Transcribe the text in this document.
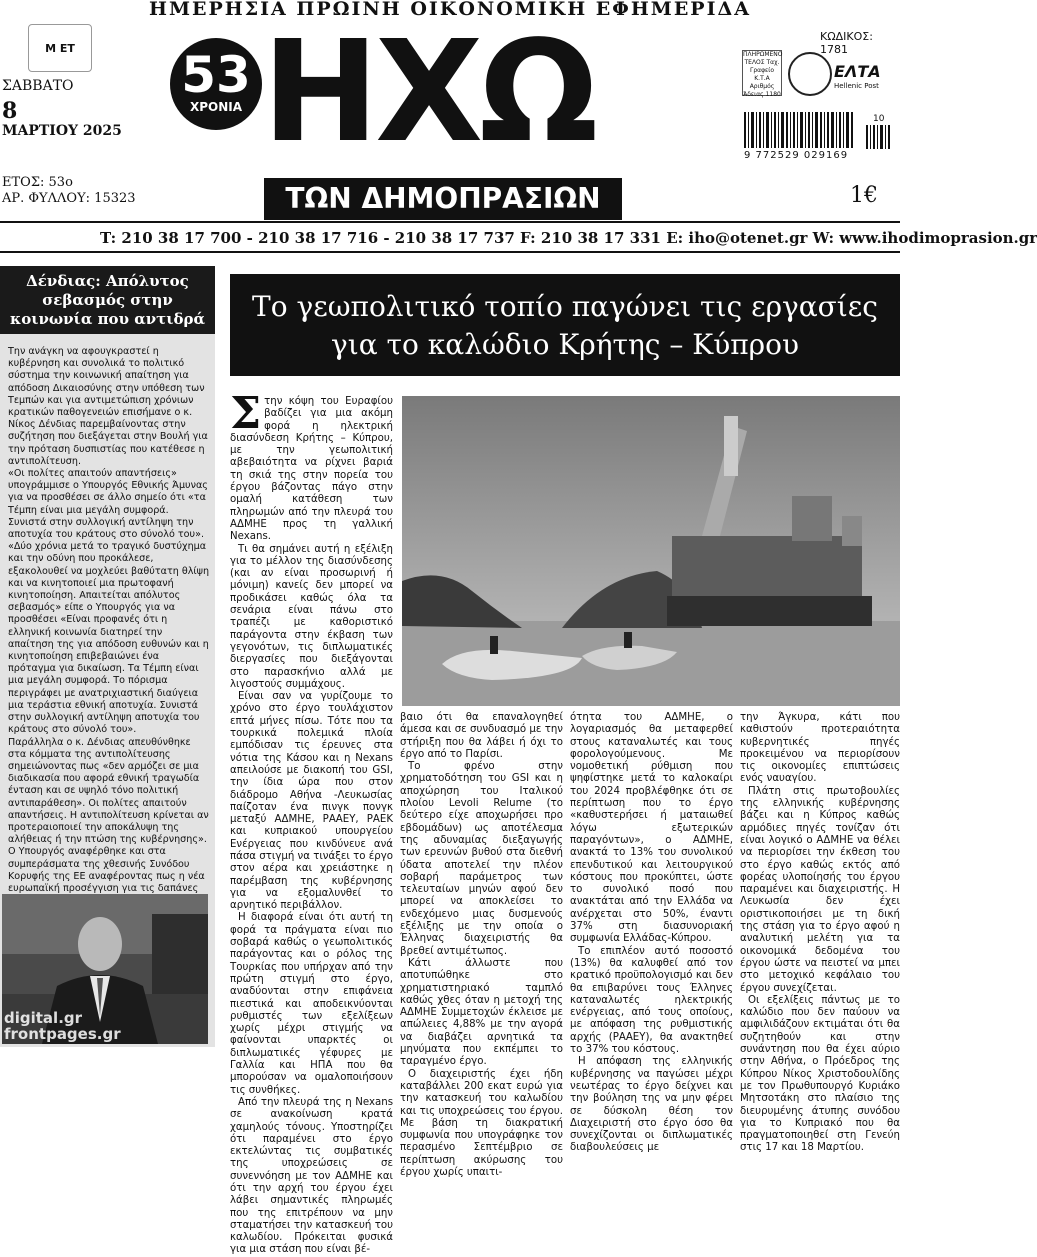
ΗΜΕΡΗΣΙΑ ΠΡΩΙΝΗ ΟΙΚΟΝΟΜΙΚΗ ΕΦΗΜΕΡΙΔΑ
Μ ΕΤ
ΣΑΒΒΑΤΟ
8
ΜΑΡΤΙΟΥ 2025
ΕΤΟΣ: 53ο
ΑΡ. ΦΥΛΛΟΥ: 15323
53
ΧΡΟΝΙΑ ΗΧΩ
ΤΩΝ ΔΗΜΟΠΡΑΣΙΩΝ
ΚΩΔΙΚΟΣ: 1781
ΠΛΗΡΩΜΕΝΟ ΤΕΛΟΣ Ταχ. Γραφείο Κ.Τ.Α Αριθμός Άδειας 1180
ΕΛΤΑ
Hellenic Post
10
9 772529 029169
1€
T: 210 38 17 700 - 210 38 17 716 - 210 38 17 737 F: 210 38 17 331 E: iho@otenet.gr W: www.ihodimoprasion.gr
Δένδιας: Απόλυτος σεβασμός στην κοινωνία που αντιδρά

Την ανάγκη να αφουγκραστεί η κυβέρνηση και συνολικά το πολιτικό σύστημα την κοινωνική απαίτηση για απόδοση Δικαιοσύνης στην υπόθεση των Τεμπών και για αντιμετώπιση χρόνιων κρατικών παθογενειών επισήμανε ο κ. Νίκος Δένδιας παρεμβαίνοντας στην συζήτηση που διεξάγεται στην Βουλή για την πρόταση δυσπιστίας που κατέθεσε η αντιπολίτευση.

«Οι πολίτες απαιτούν απαντήσεις» υπογράμμισε ο Υπουργός Εθνικής Άμυνας για να προσθέσει σε άλλο σημείο ότι «τα Τέμπη είναι μια μεγάλη συμφορά. Συνιστά στην συλλογική αντίληψη την αποτυχία του κράτους στο σύνολό του».

«Δύο χρόνια μετά το τραγικό δυστύχημα και την οδύνη που προκάλεσε, εξακολουθεί να μοχλεύει βαθύτατη θλίψη και να κινητοποιεί μια πρωτοφανή κινητοποίηση. Απαιτείται απόλυτος σεβασμός» είπε ο Υπουργός για να προσθέσει «Είναι προφανές ότι η ελληνική κοινωνία διατηρεί την απαίτηση της για απόδοση ευθυνών και η κινητοποίηση επιβεβαιώνει ένα πρόταγμα για δικαίωση. Τα Τέμπη είναι μια μεγάλη συμφορά. Το πόρισμα περιγράφει με ανατριχιαστική διαύγεια μια τεράστια εθνική αποτυχία. Συνιστά στην συλλογική αντίληψη αποτυχία του κράτους στο σύνολό του».

Παράλληλα ο κ. Δένδιας απευθύνθηκε στα κόμματα της αντιπολίτευσης σημειώνοντας πως «δεν αρμόζει σε μια διαδικασία που αφορά εθνική τραγωδία ένταση και σε υψηλό τόνο πολιτική αντιπαράθεση». Οι πολίτες απαιτούν απαντήσεις. Η αντιπολίτευση κρίνεται αν προτεραιοποιεί την αποκάλυψη της αλήθειας ή την πτώση της κυβέρνησης».

Ο Υπουργός αναφέρθηκε και στα συμπεράσματα της χθεσινής Συνόδου Κορυφής της ΕΕ αναφέροντας πως η νέα ευρωπαϊκή προσέγγιση για τις δαπάνες

digital.gr
frontpages.gr
Το γεωπολιτικό τοπίο παγώνει τις εργασίες για το καλώδιο Κρήτης – Κύπρου

Στην κόψη του Ευραφίου βαδίζει για μια ακόμη φορά η ηλεκτρική διασύνδεση Κρήτης – Κύπρου, με την γεωπολιτική αβεβαιότητα να ρίχνει βαριά τη σκιά της στην πορεία του έργου βάζοντας πάγο στην ομαλή κατάθεση των πληρωμών από την πλευρά του ΑΔΜΗΕ προς τη γαλλική Nexans.

Τι θα σημάνει αυτή η εξέλιξη για το μέλλον της διασύνδεσης (και αν είναι προσωρινή ή μόνιμη) κανείς δεν μπορεί να προδικάσει καθώς όλα τα σενάρια είναι πάνω στο τραπέζι με καθοριστικό παράγοντα στην έκβαση των γεγονότων, τις διπλωματικές διεργασίες που διεξάγονται στο παρασκήνιο αλλά με λιγοστούς συμμάχους.

Είναι σαν να γυρίζουμε το χρόνο στο έργο τουλάχιστον επτά μήνες πίσω. Τότε που τα τουρκικά πολεμικά πλοία εμπόδισαν τις έρευνες στα νότια της Κάσου και η Nexans απειλούσε με διακοπή του GSI, την ίδια ώρα που στον διάδρομο Αθήνα -Λευκωσίας παίζοταν ένα πινγκ πονγκ μεταξύ ΑΔΜΗΕ, ΡΑΑΕΥ, ΡΑΕΚ και κυπριακού υπουργείου Ενέργειας που κινδύνευε ανά πάσα στιγμή να τινάξει το έργο στον αέρα και χρειάστηκε η παρέμβαση της κυβέρνησης για να εξομαλυνθεί το αρνητικό περιβάλλον.

Η διαφορά είναι ότι αυτή τη φορά τα πράγματα είναι πιο σοβαρά καθώς ο γεωπολιτικός παράγοντας και ο ρόλος της Τουρκίας που υπήρχαν από την πρώτη στιγμή στο έργο, αναδύονται στην επιφάνεια πιεστικά και αποδεικνύονται ρυθμιστές των εξελίξεων χωρίς μέχρι στιγμής να φαίνονται υπαρκτές οι διπλωματικές γέφυρες με Γαλλία και ΗΠΑ που θα μπορούσαν να ομαλοποιήσουν τις συνθήκες.

Από την πλευρά της η Nexans σε ανακοίνωση κρατά χαμηλούς τόνους. Υποστηρίζει ότι παραμένει στο έργο εκτελώντας τις συμβατικές της υποχρεώσεις σε συνεννόηση με τον ΑΔΜΗΕ και ότι την αρχή του έργου έχει λάβει σημαντικές πληρωμές που της επιτρέπουν να μην σταματήσει την κατασκευή του καλωδίου. Πρόκειται φυσικά για μια στάση που είναι βέ-

βαιο ότι θα επαναλογηθεί άμεσα και σε συνδυασμό με την στήριξη που θα λάβει ή όχι το έργο από το Παρίσι.

Το φρένο στην χρηματοδότηση του GSI και η αποχώρηση του Ιταλικού πλοίου Levoli Relume (το δεύτερο είχε αποχωρήσει προ εβδομάδων) ως αποτέλεσμα της αδυναμίας διεξαγωγής των ερευνών βυθού στα διεθνή ύδατα αποτελεί την πλέον σοβαρή παράμετρος των τελευταίων μηνών αφού δεν μπορεί να αποκλείσει το ενδεχόμενο μιας δυσμενούς εξέλιξης με την οποία ο Έλληνας διαχειριστής θα βρεθεί αντιμέτωπος.

Κάτι άλλωστε που αποτυπώθηκε στο χρηματιστηριακό ταμπλό καθώς χθες όταν η μετοχή της ΑΔΜΗΕ Συμμετοχών έκλεισε με απώλειες 4,88% με την αγορά να διαβάζει αρνητικά τα μηνύματα που εκπέμπει το ταραγμένο έργο.

Ο διαχειριστής έχει ήδη καταβάλλει 200 εκατ ευρώ για την κατασκευή του καλωδίου και τις υποχρεώσεις του έργου. Με βάση τη διακρατική συμφωνία που υπογράφηκε τον περασμένο Σεπτέμβριο σε περίπτωση ακύρωσης του έργου χωρίς υπαιτι-

ότητα του ΑΔΜΗΕ, ο λογαριασμός θα μεταφερθεί στους καταναλωτές και τους φορολογούμενους. Με νομοθετική ρύθμιση που ψηφίστηκε μετά το καλοκαίρι του 2024 προβλέφθηκε ότι σε περίπτωση που το έργο «καθυστερήσει ή ματαιωθεί λόγω εξωτερικών παραγόντων», ο ΑΔΜΗΕ, ανακτά το 13% του συνολικού επενδυτικού και λειτουργικού κόστους που προκύπτει, ώστε το συνολικό ποσό που ανακτάται από την Ελλάδα να ανέρχεται στο 50%, έναντι 37% στη διασυνοριακή συμφωνία Ελλάδας-Κύπρου.

Το επιπλέον αυτό ποσοστό (13%) θα καλυφθεί από τον κρατικό προϋπολογισμό και δεν θα επιβαρύνει τους Έλληνες καταναλωτές ηλεκτρικής ενέργειας, από τους οποίους, με απόφαση της ρυθμιστικής αρχής (ΡΑΑΕΥ), θα ανακτηθεί το 37% του κόστους.

Η απόφαση της ελληνικής κυβέρνησης να παγώσει μέχρι νεωτέρας το έργο δείχνει και την βούληση της να μην φέρει σε δύσκολη θέση τον Διαχειριστή στο έργο όσο θα συνεχίζονται οι διπλωματικές διαβουλεύσεις με

την Άγκυρα, κάτι που καθιστούν προτεραιότητα κυβερνητικές πηγές προκειμένου να περιορίσουν τις οικονομίες επιπτώσεις ενός ναυαγίου.

Πλάτη στις πρωτοβουλίες της ελληνικής κυβέρνησης βάζει και η Κύπρος καθώς αρμόδιες πηγές τονίζαν ότι είναι λογικό ο ΑΔΜΗΕ να θέλει να περιορίσει την έκθεση του στο έργο καθώς εκτός από φορέας υλοποίησής του έργου παραμένει και διαχειριστής. Η Λευκωσία δεν έχει οριστικοποιήσει με τη δική της στάση για το έργο αφού η αναλυτική μελέτη για τα οικονομικά δεδομένα του έργου ώστε να πειστεί να μπει στο μετοχικό κεφάλαιο του έργου συνεχίζεται.

Οι εξελίξεις πάντως με το καλώδιο που δεν παύουν να αμφιλιδάζουν εκτιμάται ότι θα συζητηθούν και στην συνάντηση που θα έχει αύριο στην Αθήνα, ο Πρόεδρος της Κύπρου Νίκος Χριστοδουλίδης με τον Πρωθυπουργό Κυριάκο Μητσοτάκη στο πλαίσιο της διευρυμένης άτυπης συνόδου για το Κυπριακό που θα πραγματοποιηθεί στη Γενεύη στις 17 και 18 Μαρτίου.
